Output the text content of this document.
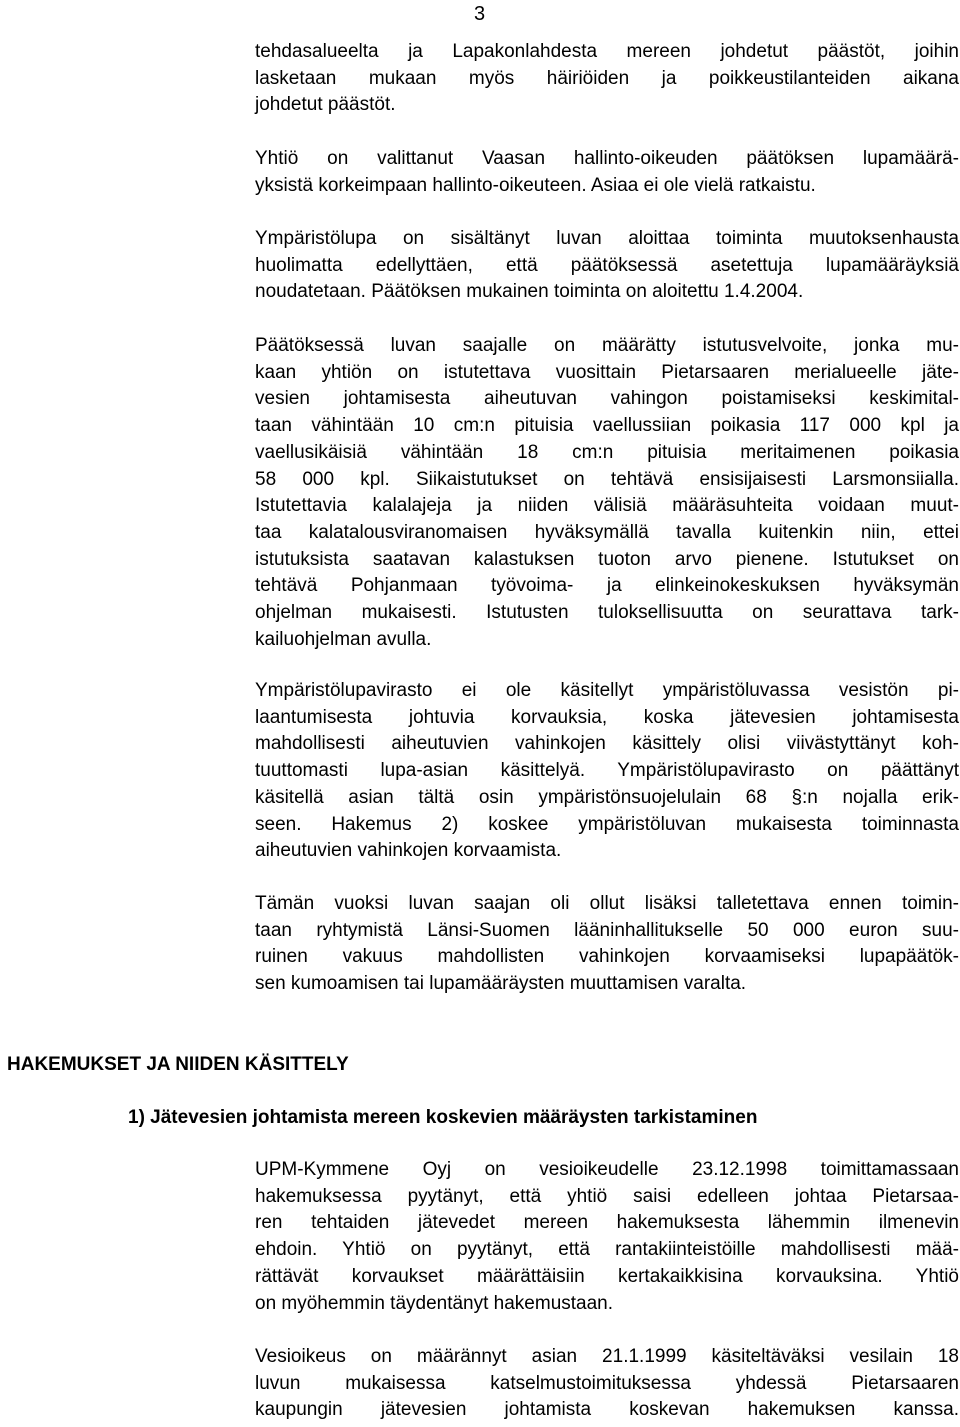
3
tehdasalueelta ja Lapakonlahdesta mereen johdetut päästöt, joihin
lasketaan mukaan myös häiriöiden ja poikkeustilanteiden aikana
johdetut päästöt.
Yhtiö on valittanut Vaasan hallinto-oikeuden päätöksen lupamäärä-
yksistä korkeimpaan hallinto-oikeuteen. Asiaa ei ole vielä ratkaistu.
Ympäristölupa on sisältänyt luvan aloittaa toiminta muutoksenhausta
huolimatta edellyttäen, että päätöksessä asetettuja lupamääräyksiä
noudatetaan. Päätöksen mukainen toiminta on aloitettu 1.4.2004.
Päätöksessä luvan saajalle on määrätty istutusvelvoite, jonka mu-
kaan yhtiön on istutettava vuosittain Pietarsaaren merialueelle jäte-
vesien johtamisesta aiheutuvan vahingon poistamiseksi keskimital-
taan vähintään 10 cm:n pituisia vaellussiian poikasia 117 000 kpl ja
vaellusikäisiä vähintään 18 cm:n pituisia meritaimenen poikasia
58 000 kpl. Siikaistutukset on tehtävä ensisijaisesti Larsmonsiialla.
Istutettavia kalalajeja ja niiden välisiä määräsuhteita voidaan muut-
taa kalatalousviranomaisen hyväksymällä tavalla kuitenkin niin, ettei
istutuksista saatavan kalastuksen tuoton arvo pienene. Istutukset on
tehtävä Pohjanmaan työvoima- ja elinkeinokeskuksen hyväksymän
ohjelman mukaisesti. Istutusten tuloksellisuutta on seurattava tark-
kailuohjelman avulla.
Ympäristölupavirasto ei ole käsitellyt ympäristöluvassa vesistön pi-
laantumisesta johtuvia korvauksia, koska jätevesien johtamisesta
mahdollisesti aiheutuvien vahinkojen käsittely olisi viivästyttänyt koh-
tuuttomasti lupa-asian käsittelyä. Ympäristölupavirasto on päättänyt
käsitellä asian tältä osin ympäristönsuojelulain 68 §:n nojalla erik-
seen. Hakemus 2) koskee ympäristöluvan mukaisesta toiminnasta
aiheutuvien vahinkojen korvaamista.
Tämän vuoksi luvan saajan oli ollut lisäksi talletettava ennen toimin-
taan ryhtymistä Länsi-Suomen lääninhallitukselle 50 000 euron suu-
ruinen vakuus mahdollisten vahinkojen korvaamiseksi lupapäätök-
sen kumoamisen tai lupamääräysten muuttamisen varalta.
HAKEMUKSET JA NIIDEN KÄSITTELY
1) Jätevesien johtamista mereen koskevien määräysten tarkistaminen
UPM-Kymmene Oyj on vesioikeudelle 23.12.1998 toimittamassaan
hakemuksessa pyytänyt, että yhtiö saisi edelleen johtaa Pietarsaa-
ren tehtaiden jätevedet mereen hakemuksesta lähemmin ilmenevin
ehdoin. Yhtiö on pyytänyt, että rantakiinteistöille mahdollisesti mää-
rättävät korvaukset määrättäisiin kertakaikkisina korvauksina. Yhtiö
on myöhemmin täydentänyt hakemustaan.
Vesioikeus on määrännyt asian 21.1.1999 käsiteltäväksi vesilain 18
luvun mukaisessa katselmustoimituksessa yhdessä Pietarsaaren
kaupungin jätevesien johtamista koskevan hakemuksen kanssa.
